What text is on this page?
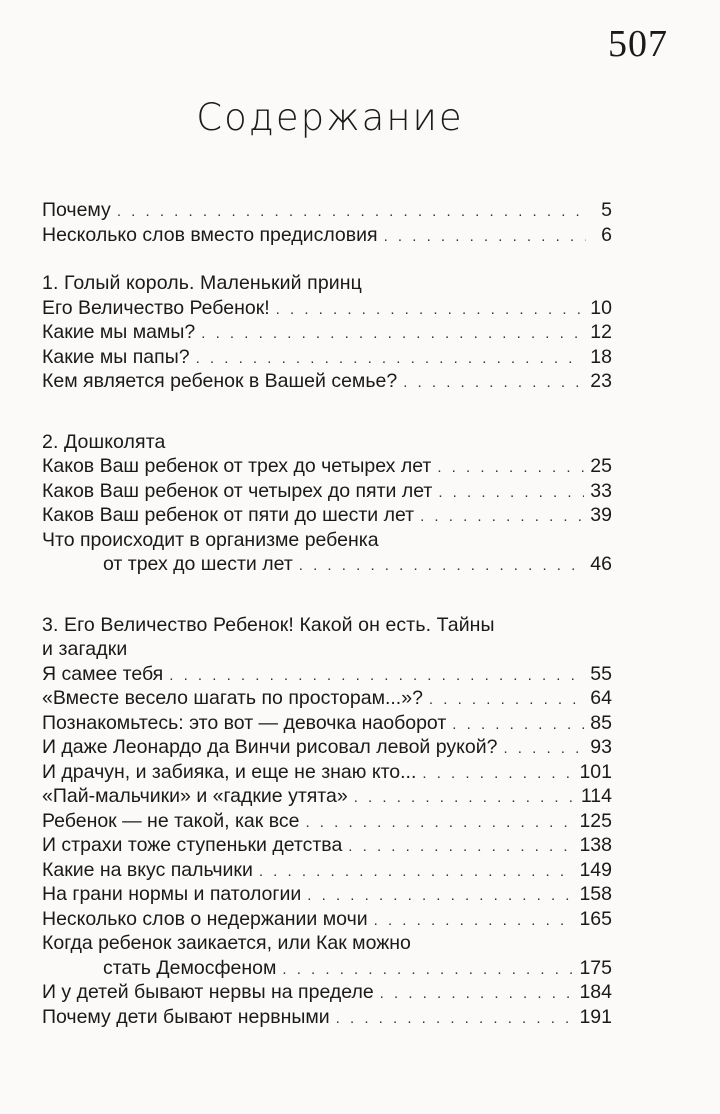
507
Содержание
Почему . . .	5
Несколько слов вместо предисловия . . .	6
1. Голый король. Маленький принц
Его Величество Ребенок! . . .	10
Какие мы мамы? . . .	12
Какие мы папы? . . .	18
Кем является ребенок в Вашей семье? . . .	23
2. Дошколята
Каков Ваш ребенок от трех до четырех лет . . .	25
Каков Ваш ребенок от четырех до пяти лет . . .	33
Каков Ваш ребенок от пяти до шести лет . . .	39
Что происходит в организме ребенка
от трех до шести лет . . .	46
3. Его Величество Ребенок! Какой он есть. Тайны
и загадки
Я самее тебя . . .	55
«Вместе весело шагать по просторам...»? . . .	64
Познакомьтесь: это вот — девочка наоборот . . .	85
И даже Леонардо да Винчи рисовал левой рукой? . . .	93
И драчун, и забияка, и еще не знаю кто... . . .	101
«Пай-мальчики» и «гадкие утята» . . .	114
Ребенок — не такой, как все . . .	125
И страхи тоже ступеньки детства . . .	138
Какие на вкус пальчики . . .	149
На грани нормы и патологии . . .	158
Несколько слов о недержании мочи . . .	165
Когда ребенок заикается, или Как можно
стать Демосфеном . . .	175
И у детей бывают нервы на пределе . . .	184
Почему дети бывают нервными . . .	191
